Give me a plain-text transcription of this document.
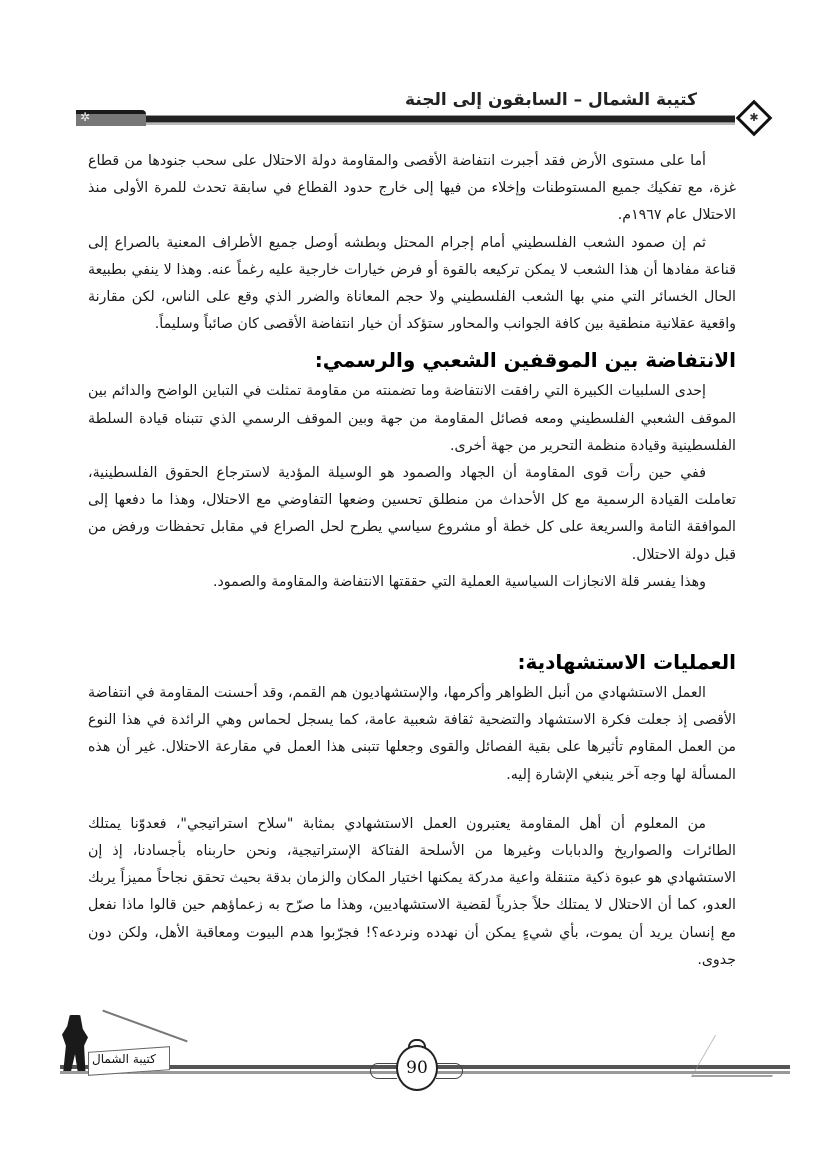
كتيبة الشمال – السابقون إلى الجنة
✲	✱

أما على مستوى الأرض فقد أجبرت انتفاضة الأقصى والمقاومة دولة الاحتلال على سحب جنودها من قطاع غزة، مع تفكيك جميع المستوطنات وإخلاء من فيها إلى خارج حدود القطاع في سابقة تحدث للمرة الأولى منذ الاحتلال عام ١٩٦٧م.

ثم إن صمود الشعب الفلسطيني أمام إجرام المحتل وبطشه أوصل جميع الأطراف المعنية بالصراع إلى قناعة مفادها أن هذا الشعب لا يمكن تركيعه بالقوة أو فرض خيارات خارجية عليه رغماً عنه. وهذا لا ينفي بطبيعة الحال الخسائر التي مني بها الشعب الفلسطيني ولا حجم المعاناة والضرر الذي وقع على الناس، لكن مقارنة واقعية عقلانية منطقية بين كافة الجوانب والمحاور ستؤكد أن خيار انتفاضة الأقصى كان صائباً وسليماً.

الانتفاضة بين الموقفين الشعبي والرسمي:

إحدى السلبيات الكبيرة التي رافقت الانتفاضة وما تضمنته من مقاومة تمثلت في التباين الواضح والدائم بين الموقف الشعبي الفلسطيني ومعه فصائل المقاومة من جهة وبين الموقف الرسمي الذي تتبناه قيادة السلطة الفلسطينية وقيادة منظمة التحرير من جهة أخرى.

ففي حين رأت قوى المقاومة أن الجهاد والصمود هو الوسيلة المؤدية لاسترجاع الحقوق الفلسطينية، تعاملت القيادة الرسمية مع كل الأحداث من منطلق تحسين وضعها التفاوضي مع الاحتلال، وهذا ما دفعها إلى الموافقة التامة والسريعة على كل خطة أو مشروع سياسي يطرح لحل الصراع في مقابل تحفظات ورفض من قبل دولة الاحتلال.

وهذا يفسر قلة الانجازات السياسية العملية التي حققتها الانتفاضة والمقاومة والصمود.

العمليات الاستشهادية:

العمل الاستشهادي من أنبل الظواهر وأكرمها، والإستشهاديون هم القمم، وقد أحسنت المقاومة في انتفاضة الأقصى إذ جعلت فكرة الاستشهاد والتضحية ثقافة شعبية عامة، كما يسجل لحماس وهي الرائدة في هذا النوع من العمل المقاوم تأثيرها على بقية الفصائل والقوى وجعلها تتبنى هذا العمل في مقارعة الاحتلال. غير أن هذه المسألة لها وجه آخر ينبغي الإشارة إليه.

من المعلوم أن أهل المقاومة يعتبرون العمل الاستشهادي بمثابة "سلاح استراتيجي"، فعدوّنا يمتلك الطائرات والصواريخ والدبابات وغيرها من الأسلحة الفتاكة الإستراتيجية، ونحن حاربناه بأجسادنا، إذ إن الاستشهادي هو عبوة ذكية متنقلة واعية مدركة يمكنها اختيار المكان والزمان بدقة بحيث تحقق نجاحاً مميزاً يربك العدو، كما أن الاحتلال لا يمتلك حلاً جذرياً لقضية الاستشهاديين، وهذا ما صرّح به زعماؤهم حين قالوا ماذا نفعل مع إنسان يريد أن يموت، بأي شيءٍ يمكن أن نهدده ونردعه؟! فجرّبوا هدم البيوت ومعاقبة الأهل، ولكن دون جدوى.

كتيبة الشمال	90
